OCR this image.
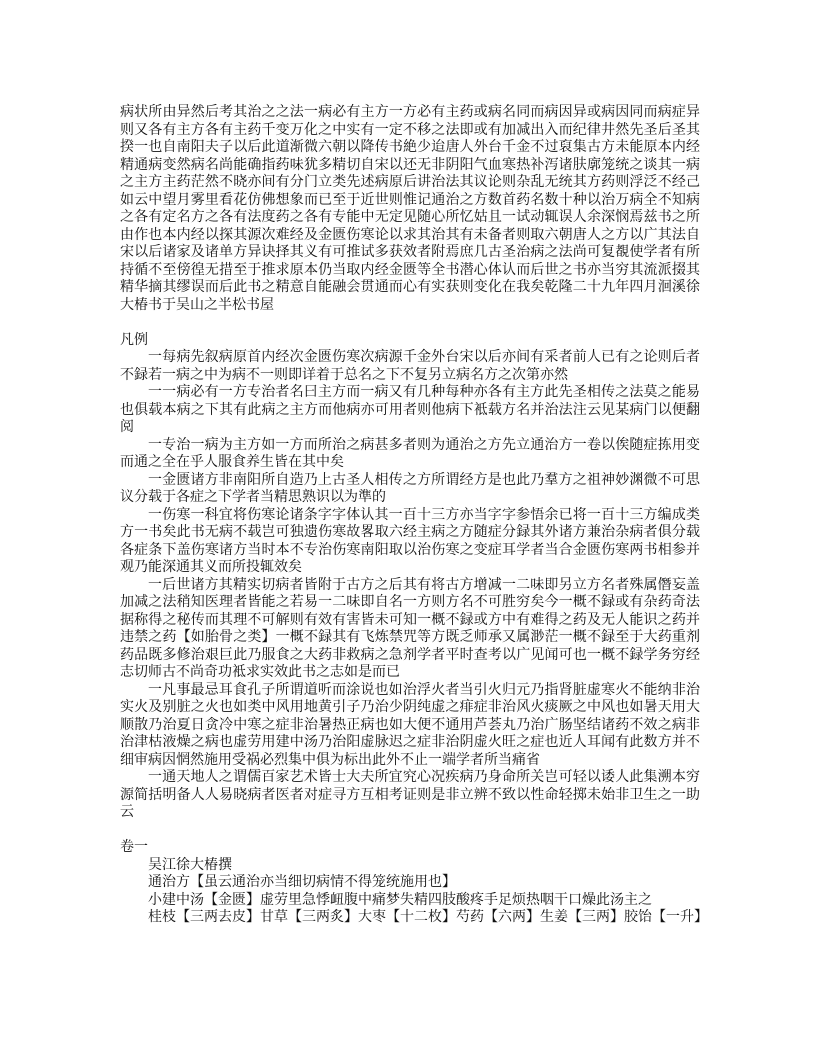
病状所由异然后考其治之之法一病必有主方一方必有主药或病名同而病因异或病因同而病症异
则又各有主方各有主药千变万化之中实有一定不移之法即或有加减出入而纪律井然先圣后圣其
揆一也自南阳夫子以后此道渐微六朝以降传书絶少迨唐人外台千金不过裒集古方未能原本内经
精通病变然病名尚能确指药味犹多精切自宋以还无非阴阳气血寒热补泻诸肤廓笼统之谈其一病
之主方主药茫然不晓亦间有分门立类先述病原后讲治法其议论则杂乱无统其方药则浮泛不经己
如云中望月雾里看花仿佛想象而已至于近世则惟记通治之方数首药名数十种以治万病全不知病
之各有定名方之各有法度药之各有专能中无定见随心所忆姑且一试动辄误人余深悯焉兹书之所
由作也本内经以探其源次难经及金匮伤寒论以求其治其有未备者则取六朝唐人之方以广其法自
宋以后诸家及诸单方异诀择其义有可推试多获效者附焉庶几古圣治病之法尚可复覩使学者有所
持循不至傍徨无措至于推求原本仍当取内经金匮等全书潜心体认而后世之书亦当穷其流派掇其
精华摘其缪误而后此书之精意自能融会贯通而心有实获则变化在我矣乾隆二十九年四月洄溪徐
大椿书于吴山之半松书屋
凡例
一每病先叙病原首内经次金匮伤寒次病源千金外台宋以后亦间有采者前人已有之论则后者
不録若一病之中为病不一则即详着于总名之下不复另立病名方之次第亦然
一一病必有一方专治者名曰主方而一病又有几种每种亦各有主方此先圣相传之法莫之能易
也俱载本病之下其有此病之主方而他病亦可用者则他病下袛载方名并治法注云见某病门以便翻
阅
一专治一病为主方如一方而所治之病甚多者则为通治之方先立通治方一卷以俟随症拣用变
而通之全在乎人服食养生皆在其中矣
一金匮诸方非南阳所自造乃上古圣人相传之方所谓经方是也此乃羣方之祖神妙渊微不可思
议分载于各症之下学者当精思熟识以为準的
一伤寒一科宜将伤寒论诸条字字体认其一百十三方亦当字字参悟余已将一百十三方编成类
方一书矣此书无病不载岂可独遗伤寒故畧取六经主病之方随症分録其外诸方兼治杂病者俱分载
各症条下盖伤寒诸方当时本不专治伤寒南阳取以治伤寒之变症耳学者当合金匮伤寒两书相参并
观乃能深通其义而所投辄效矣
一后世诸方其精实切病者皆附于古方之后其有将古方增减一二味即另立方名者殊属僭妄盖
加减之法稍知医理者皆能之若易一二味即自名一方则方名不可胜穷矣今一概不録或有杂药奇法
据称得之秘传而其理不可解则有效有害皆未可知一概不録或方中有难得之药及无人能识之药并
违禁之药【如胎骨之类】一概不録其有飞炼禁咒等方既乏师承又属渺茫一概不録至于大药重剂
药品既多修治艰巨此乃服食之大药非救病之急剂学者平时查考以广见闻可也一概不録学务穷经
志切师古不尚奇功袛求实效此书之志如是而已
一凡事最忌耳食孔子所谓道听而涂说也如治浮火者当引火归元乃指肾脏虚寒火不能纳非治
实火及别脏之火也如类中风用地黄引子乃治少阴纯虚之痱症非治风火痰厥之中风也如暑天用大
顺散乃治夏日贪冷中寒之症非治暑热正病也如大便不通用芦荟丸乃治广肠坚结诸药不效之病非
治津枯液燥之病也虚劳用建中汤乃治阳虚脉迟之症非治阴虚火旺之症也近人耳闻有此数方并不
细审病因惘然施用受祸必烈集中俱为标出此外不止一端学者所当痛省
一通天地人之谓儒百家艺术皆士大夫所宜究心况疾病乃身命所关岂可轻以诿人此集溯本穷
源简括明备人人易晓病者医者对症寻方互相考证则是非立辨不致以性命轻掷未始非卫生之一助
云
卷一
吴江徐大椿撰
通治方【虽云通治亦当细切病情不得笼统施用也】
小建中汤【金匮】虚劳里急悸衄腹中痛梦失精四肢酸疼手足烦热咽干口燥此汤主之
桂枝【三两去皮】甘草【三两炙】大枣【十二枚】芍药【六两】生姜【三两】胶饴【一升】
